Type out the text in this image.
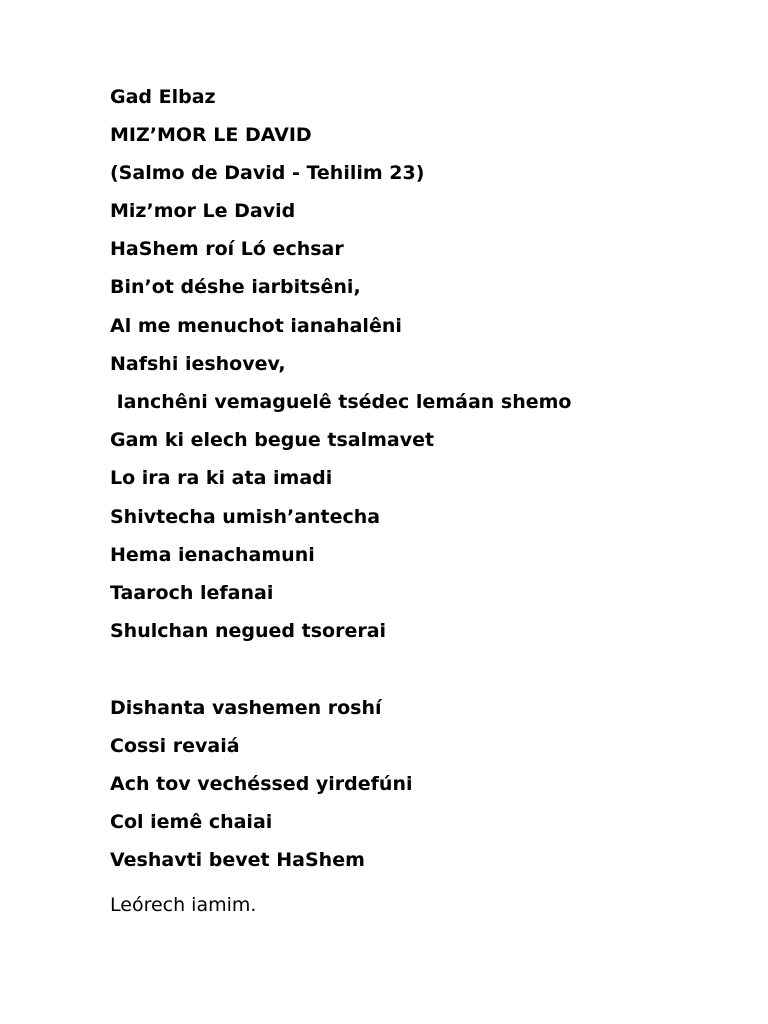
Gad Elbaz

MIZ’MOR LE DAVID

(Salmo de David - Tehilim 23)

Miz’mor Le David

HaShem roí Ló echsar

Bin’ot déshe iarbitsêni,

Al me menuchot ianahalêni

Nafshi ieshovev,

Ianchêni vemaguelê tsédec lemáan shemo

Gam ki elech begue tsalmavet

Lo ira ra ki ata imadi

Shivtecha umish’antecha

Hema ienachamuni

Taaroch lefanai

Shulchan negued tsorerai

Dishanta vashemen roshí

Cossi revaiá

Ach tov vechéssed yirdefúni

Col iemê chaiai

Veshavti bevet HaShem

Leórech iamim.
